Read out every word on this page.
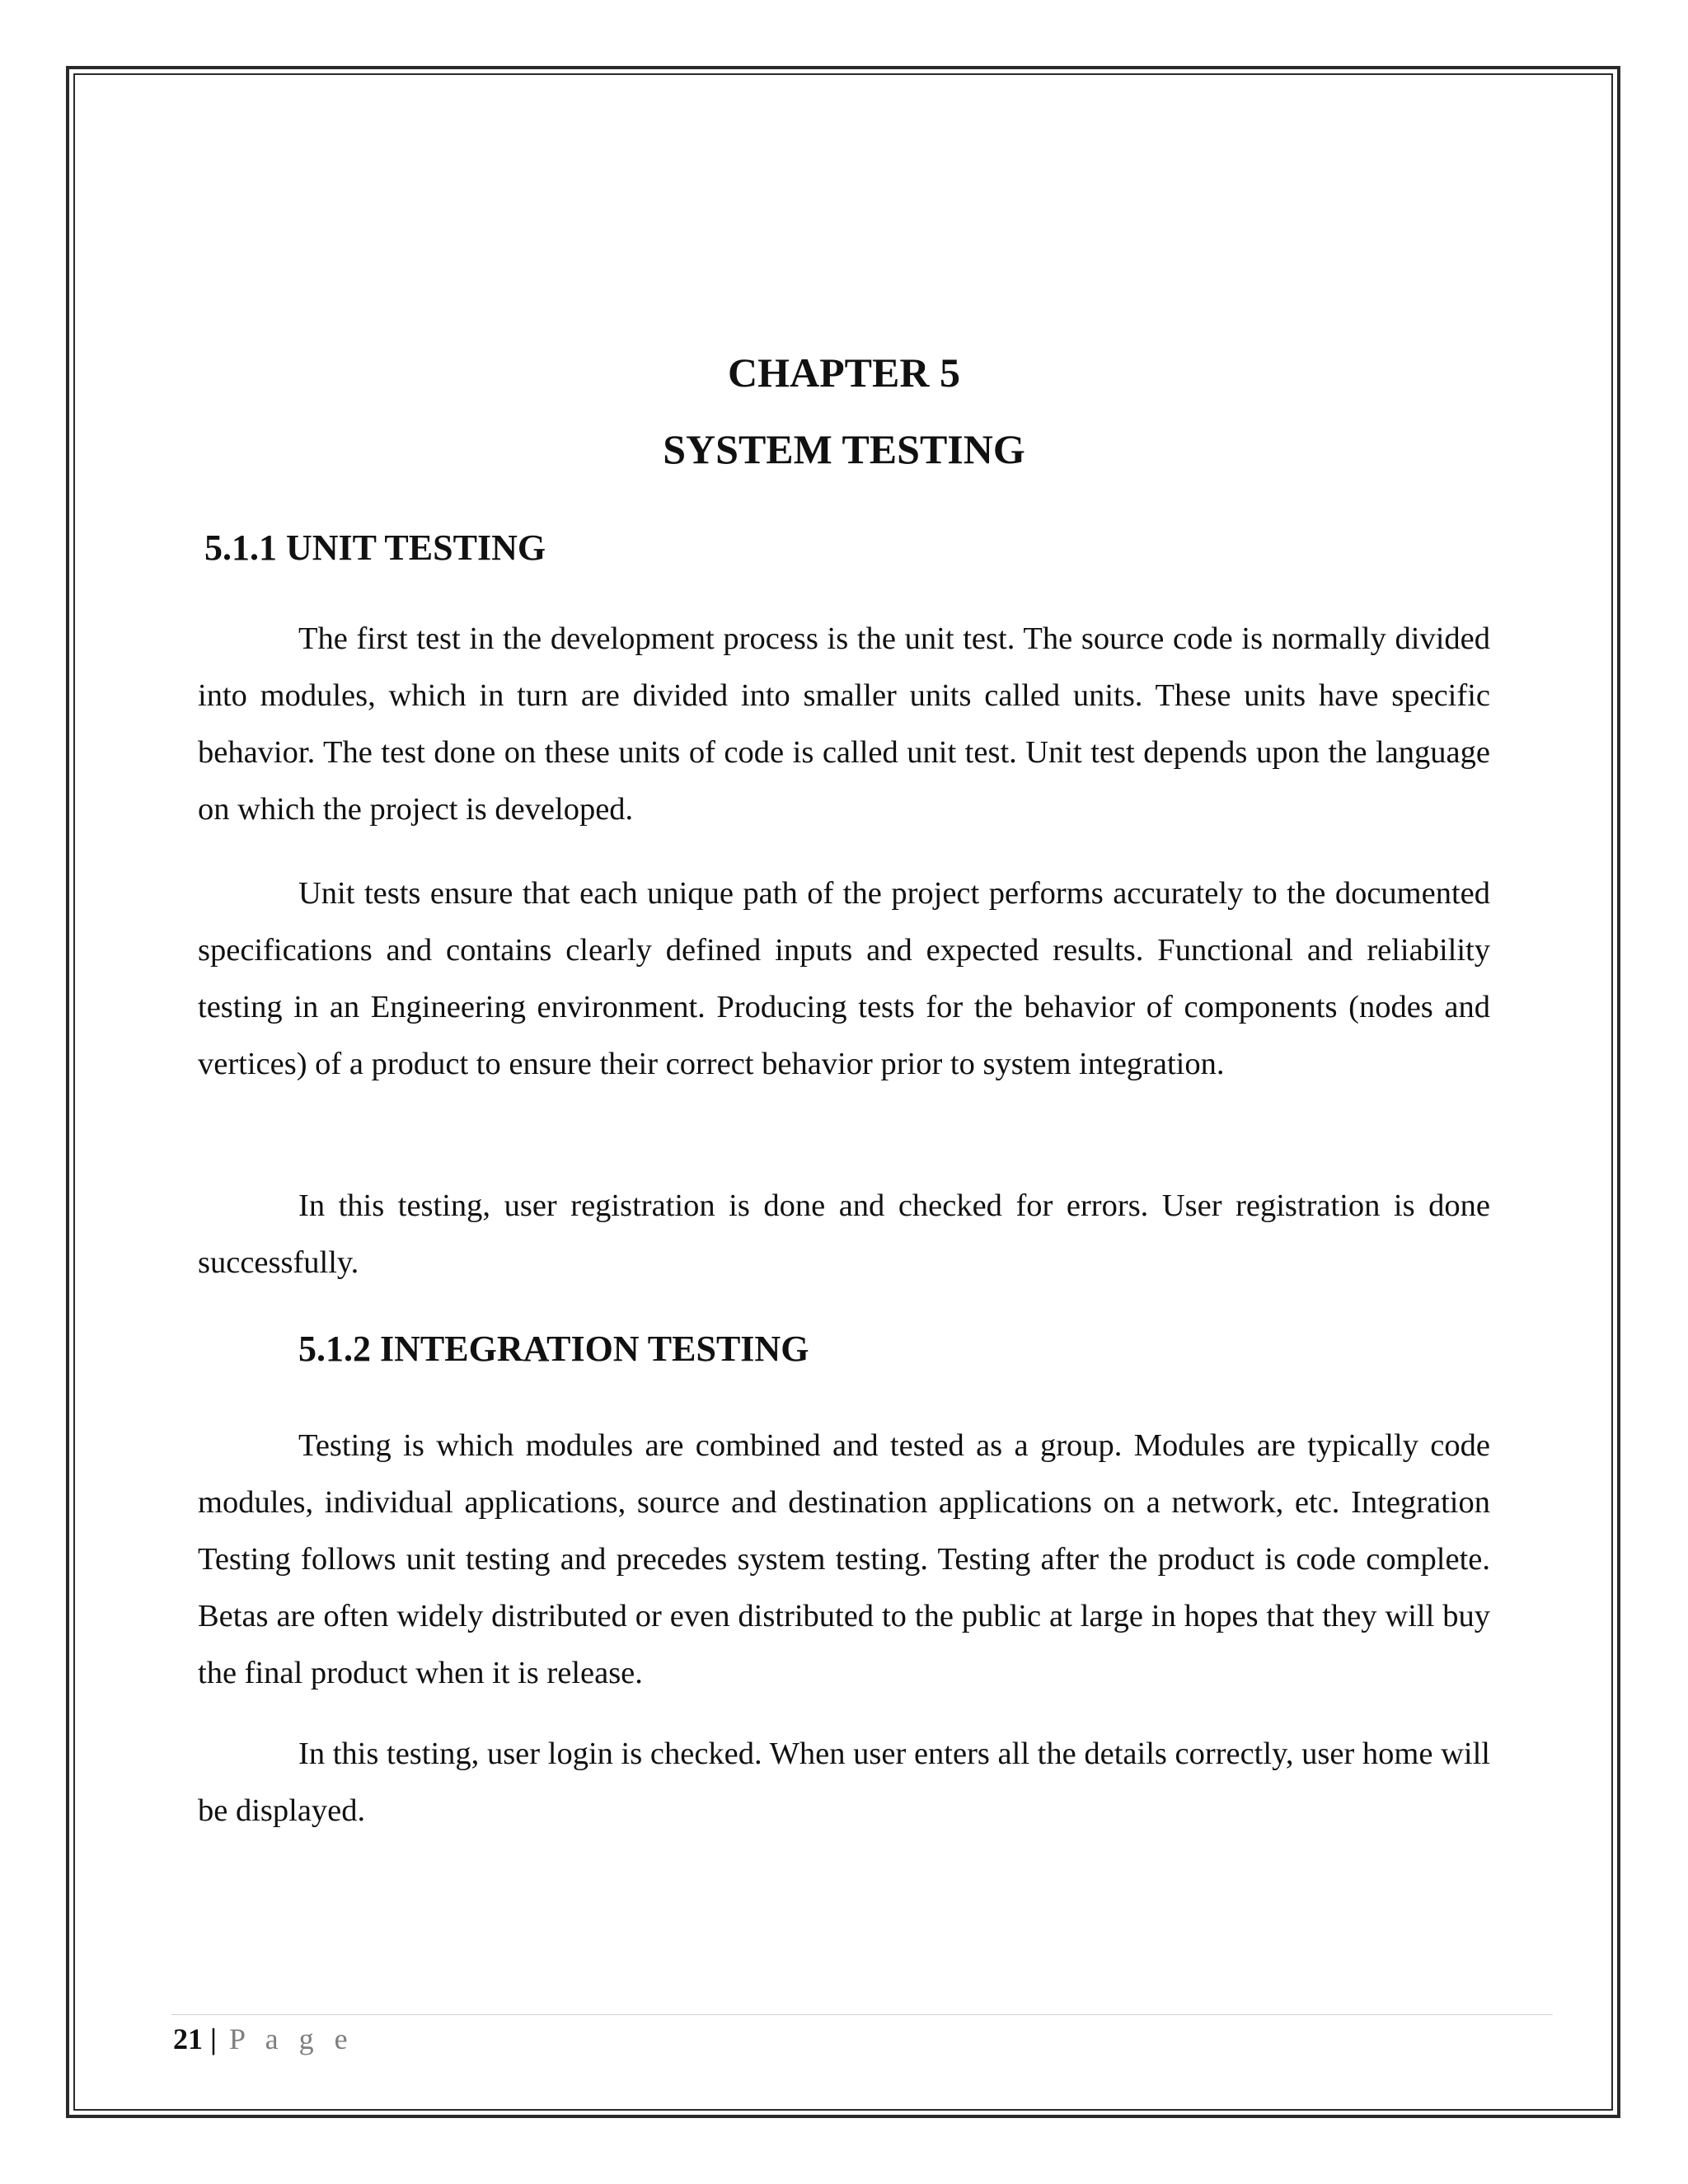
CHAPTER 5
SYSTEM TESTING
5.1.1 UNIT TESTING

The first test in the development process is the unit test. The source code is normally divided into modules, which in turn are divided into smaller units called units. These units have specific behavior. The test done on these units of code is called unit test. Unit test depends upon the language on which the project is developed.

Unit tests ensure that each unique path of the project performs accurately to the documented specifications and contains clearly defined inputs and expected results. Functional and reliability testing in an Engineering environment. Producing tests for the behavior of components (nodes and vertices) of a product to ensure their correct behavior prior to system integration.

In this testing, user registration is done and checked for errors. User registration is done successfully.

5.1.2 INTEGRATION TESTING

Testing is which modules are combined and tested as a group. Modules are typically code modules, individual applications, source and destination applications on a network, etc. Integration Testing follows unit testing and precedes system testing. Testing after the product is code complete. Betas are often widely distributed or even distributed to the public at large in hopes that they will buy the final product when it is release.

In this testing, user login is checked. When user enters all the details correctly, user home will be displayed.

21 | P a g e
